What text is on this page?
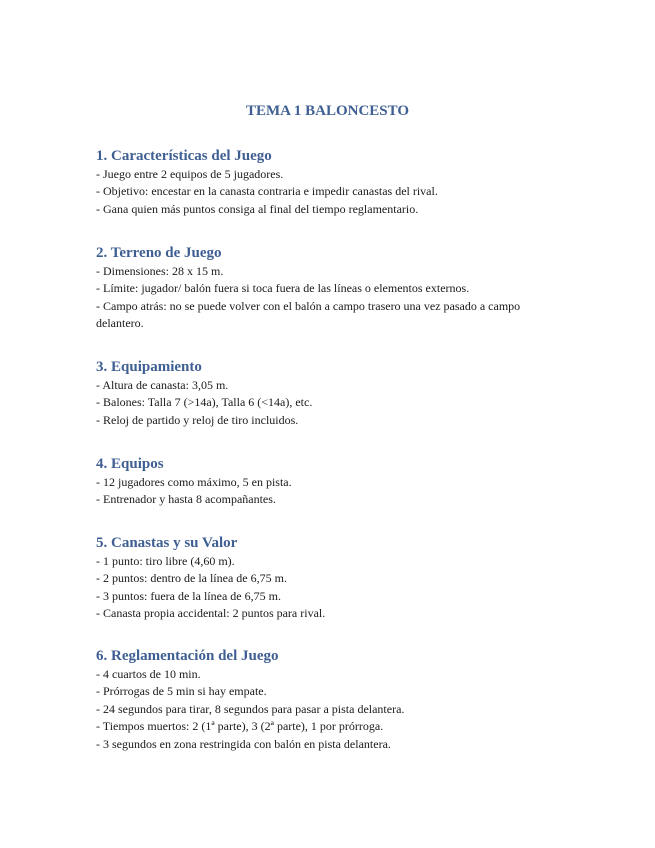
TEMA 1 BALONCESTO

1. Características del Juego

- Juego entre 2 equipos de 5 jugadores.

- Objetivo: encestar en la canasta contraria e impedir canastas del rival.

- Gana quien más puntos consiga al final del tiempo reglamentario.

2. Terreno de Juego

- Dimensiones: 28 x 15 m.

- Límite: jugador/ balón fuera si toca fuera de las líneas o elementos externos.

- Campo atrás: no se puede volver con el balón a campo trasero una vez pasado a campo delantero.

3. Equipamiento

- Altura de canasta: 3,05 m.

- Balones: Talla 7 (>14a), Talla 6 (<14a), etc.

- Reloj de partido y reloj de tiro incluidos.

4. Equipos

- 12 jugadores como máximo, 5 en pista.

- Entrenador y hasta 8 acompañantes.

5. Canastas y su Valor

- 1 punto: tiro libre (4,60 m).

- 2 puntos: dentro de la línea de 6,75 m.

- 3 puntos: fuera de la línea de 6,75 m.

- Canasta propia accidental: 2 puntos para rival.

6. Reglamentación del Juego

- 4 cuartos de 10 min.

- Prórrogas de 5 min si hay empate.

- 24 segundos para tirar, 8 segundos para pasar a pista delantera.

- Tiempos muertos: 2 (1ª parte), 3 (2ª parte), 1 por prórroga.

- 3 segundos en zona restringida con balón en pista delantera.
